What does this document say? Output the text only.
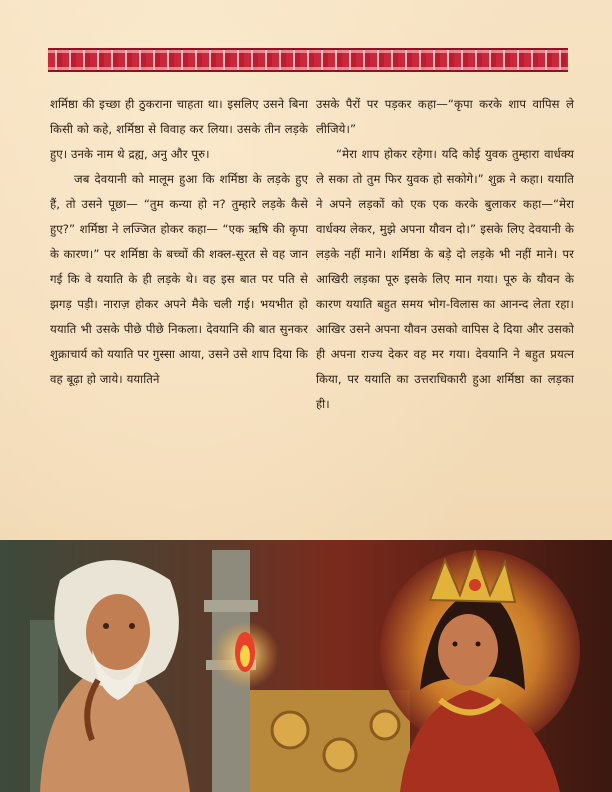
शर्मिष्ठा की इच्छा ही ठुकराना चाहता था। इसलिए उसने बिना किसी को कहे, शर्मिष्ठा से विवाह कर लिया। उसके तीन लड़के हुए। उनके नाम थे द्रह्य, अनु और पूरु।

जब देवयानी को मालूम हुआ कि शर्मिष्ठा के लड़के हुए हैं, तो उसने पूछा— “तुम कन्या हो न? तुम्हारे लड़के कैसे हुए?” शर्मिष्ठा ने लज्जित होकर कहा— “एक ऋषि की कृपा के कारण।” पर शर्मिष्ठा के बच्चों की शक्ल-सूरत से वह जान गई कि वे ययाति के ही लड़के थे। वह इस बात पर पति से झगड़ पड़ी। नाराज़ होकर अपने मैके चली गई। भयभीत हो ययाति भी उसके पीछे पीछे निकला। देवयानि की बात सुनकर शुक्राचार्य को ययाति पर गुस्सा आया, उसने उसे शाप दिया कि वह बूढ़ा हो जाये। ययातिने

उसके पैरों पर पड़कर कहा—“कृपा करके शाप वापिस ले लीजिये।”

“मेरा शाप होकर रहेगा। यदि कोई युवक तुम्हारा वार्धक्य ले सका तो तुम फिर युवक हो सकोगे।” शुक्र ने कहा। ययाति ने अपने लड़कों को एक एक करके बुलाकर कहा—“मेरा वार्धक्य लेकर, मुझे अपना यौवन दो।” इसके लिए देवयानी के लड़के नहीं माने। शर्मिष्ठा के बड़े दो लड़के भी नहीं माने। पर आखिरी लड़का पूरु इसके लिए मान गया। पूरु के यौवन के कारण ययाति बहुत समय भोग-विलास का आनन्द लेता रहा। आखिर उसने अपना यौवन उसको वापिस दे दिया और उसको ही अपना राज्य देकर वह मर गया। देवयानि ने बहुत प्रयत्न किया, पर ययाति का उत्तराधिकारी हुआ शर्मिष्ठा का लड़का ही।
